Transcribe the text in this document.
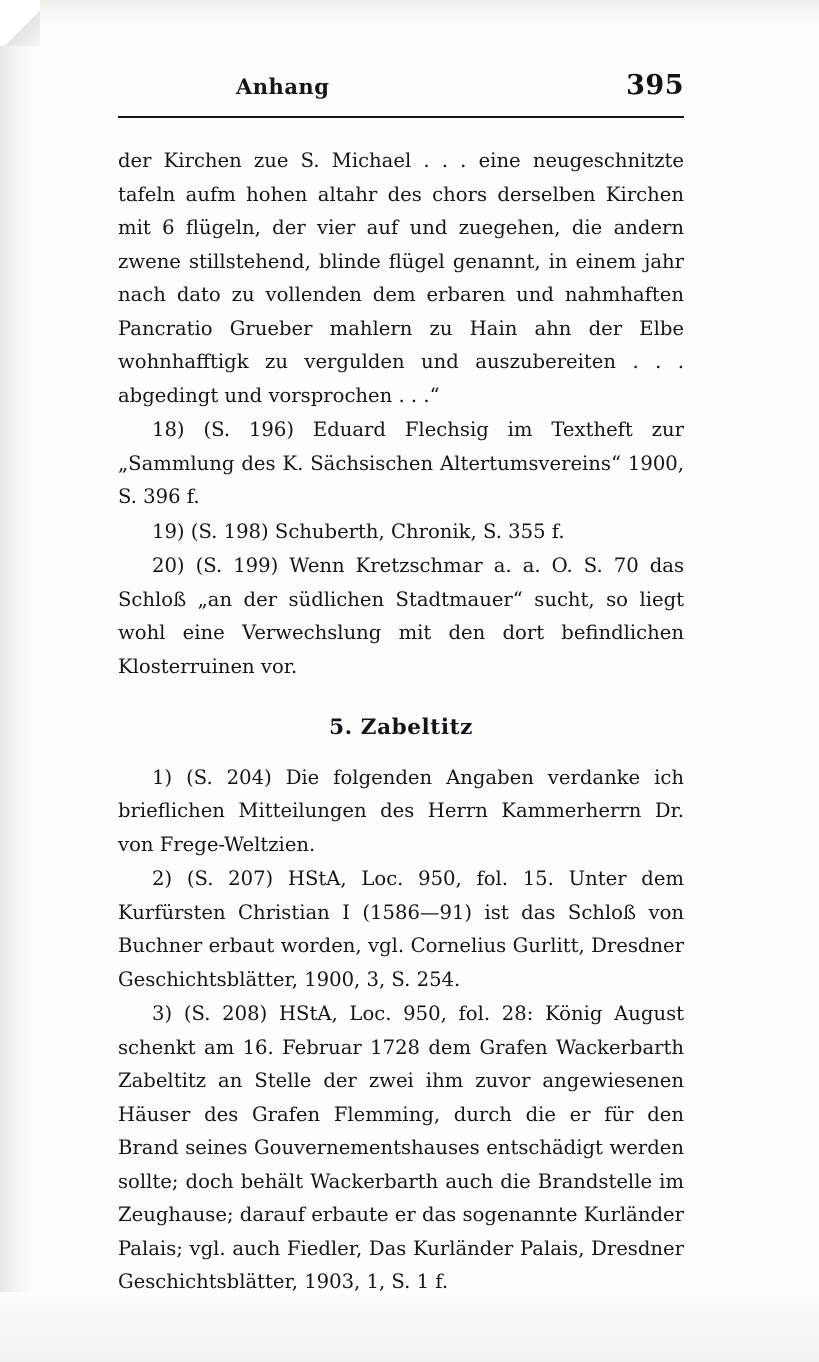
Anhang	395

der Kirchen zue S. Michael . . . eine neugeschnitzte tafeln aufm hohen altahr des chors derselben Kirchen mit 6 flügeln, der vier auf und zuegehen, die andern zwene stillstehend, blinde flügel genannt, in einem jahr nach dato zu vollenden dem erbaren und nahmhaften Pancratio Grueber mahlern zu Hain ahn der Elbe wohnhafftigk zu vergulden und auszubereiten . . . abgedingt und vorsprochen . . .“

18) (S. 196) Eduard Flechsig im Textheft zur „Sammlung des K. Sächsischen Altertumsvereins“ 1900, S. 396 f.

19) (S. 198) Schuberth, Chronik, S. 355 f.

20) (S. 199) Wenn Kretzschmar a. a. O. S. 70 das Schloß „an der südlichen Stadtmauer“ sucht, so liegt wohl eine Verwechslung mit den dort befindlichen Klosterruinen vor.

5. Zabeltitz

1) (S. 204) Die folgenden Angaben verdanke ich brieflichen Mitteilungen des Herrn Kammerherrn Dr. von Frege-Weltzien.

2) (S. 207) HStA, Loc. 950, fol. 15. Unter dem Kurfürsten Christian I (1586—91) ist das Schloß von Buchner erbaut worden, vgl. Cornelius Gurlitt, Dresdner Geschichtsblätter, 1900, 3, S. 254.

3) (S. 208) HStA, Loc. 950, fol. 28: König August schenkt am 16. Februar 1728 dem Grafen Wackerbarth Zabeltitz an Stelle der zwei ihm zuvor angewiesenen Häuser des Grafen Flemming, durch die er für den Brand seines Gouvernementshauses entschädigt werden sollte; doch behält Wackerbarth auch die Brandstelle im Zeughause; darauf erbaute er das sogenannte Kurländer Palais; vgl. auch Fiedler, Das Kurländer Palais, Dresdner Geschichtsblätter, 1903, 1, S. 1 f.
